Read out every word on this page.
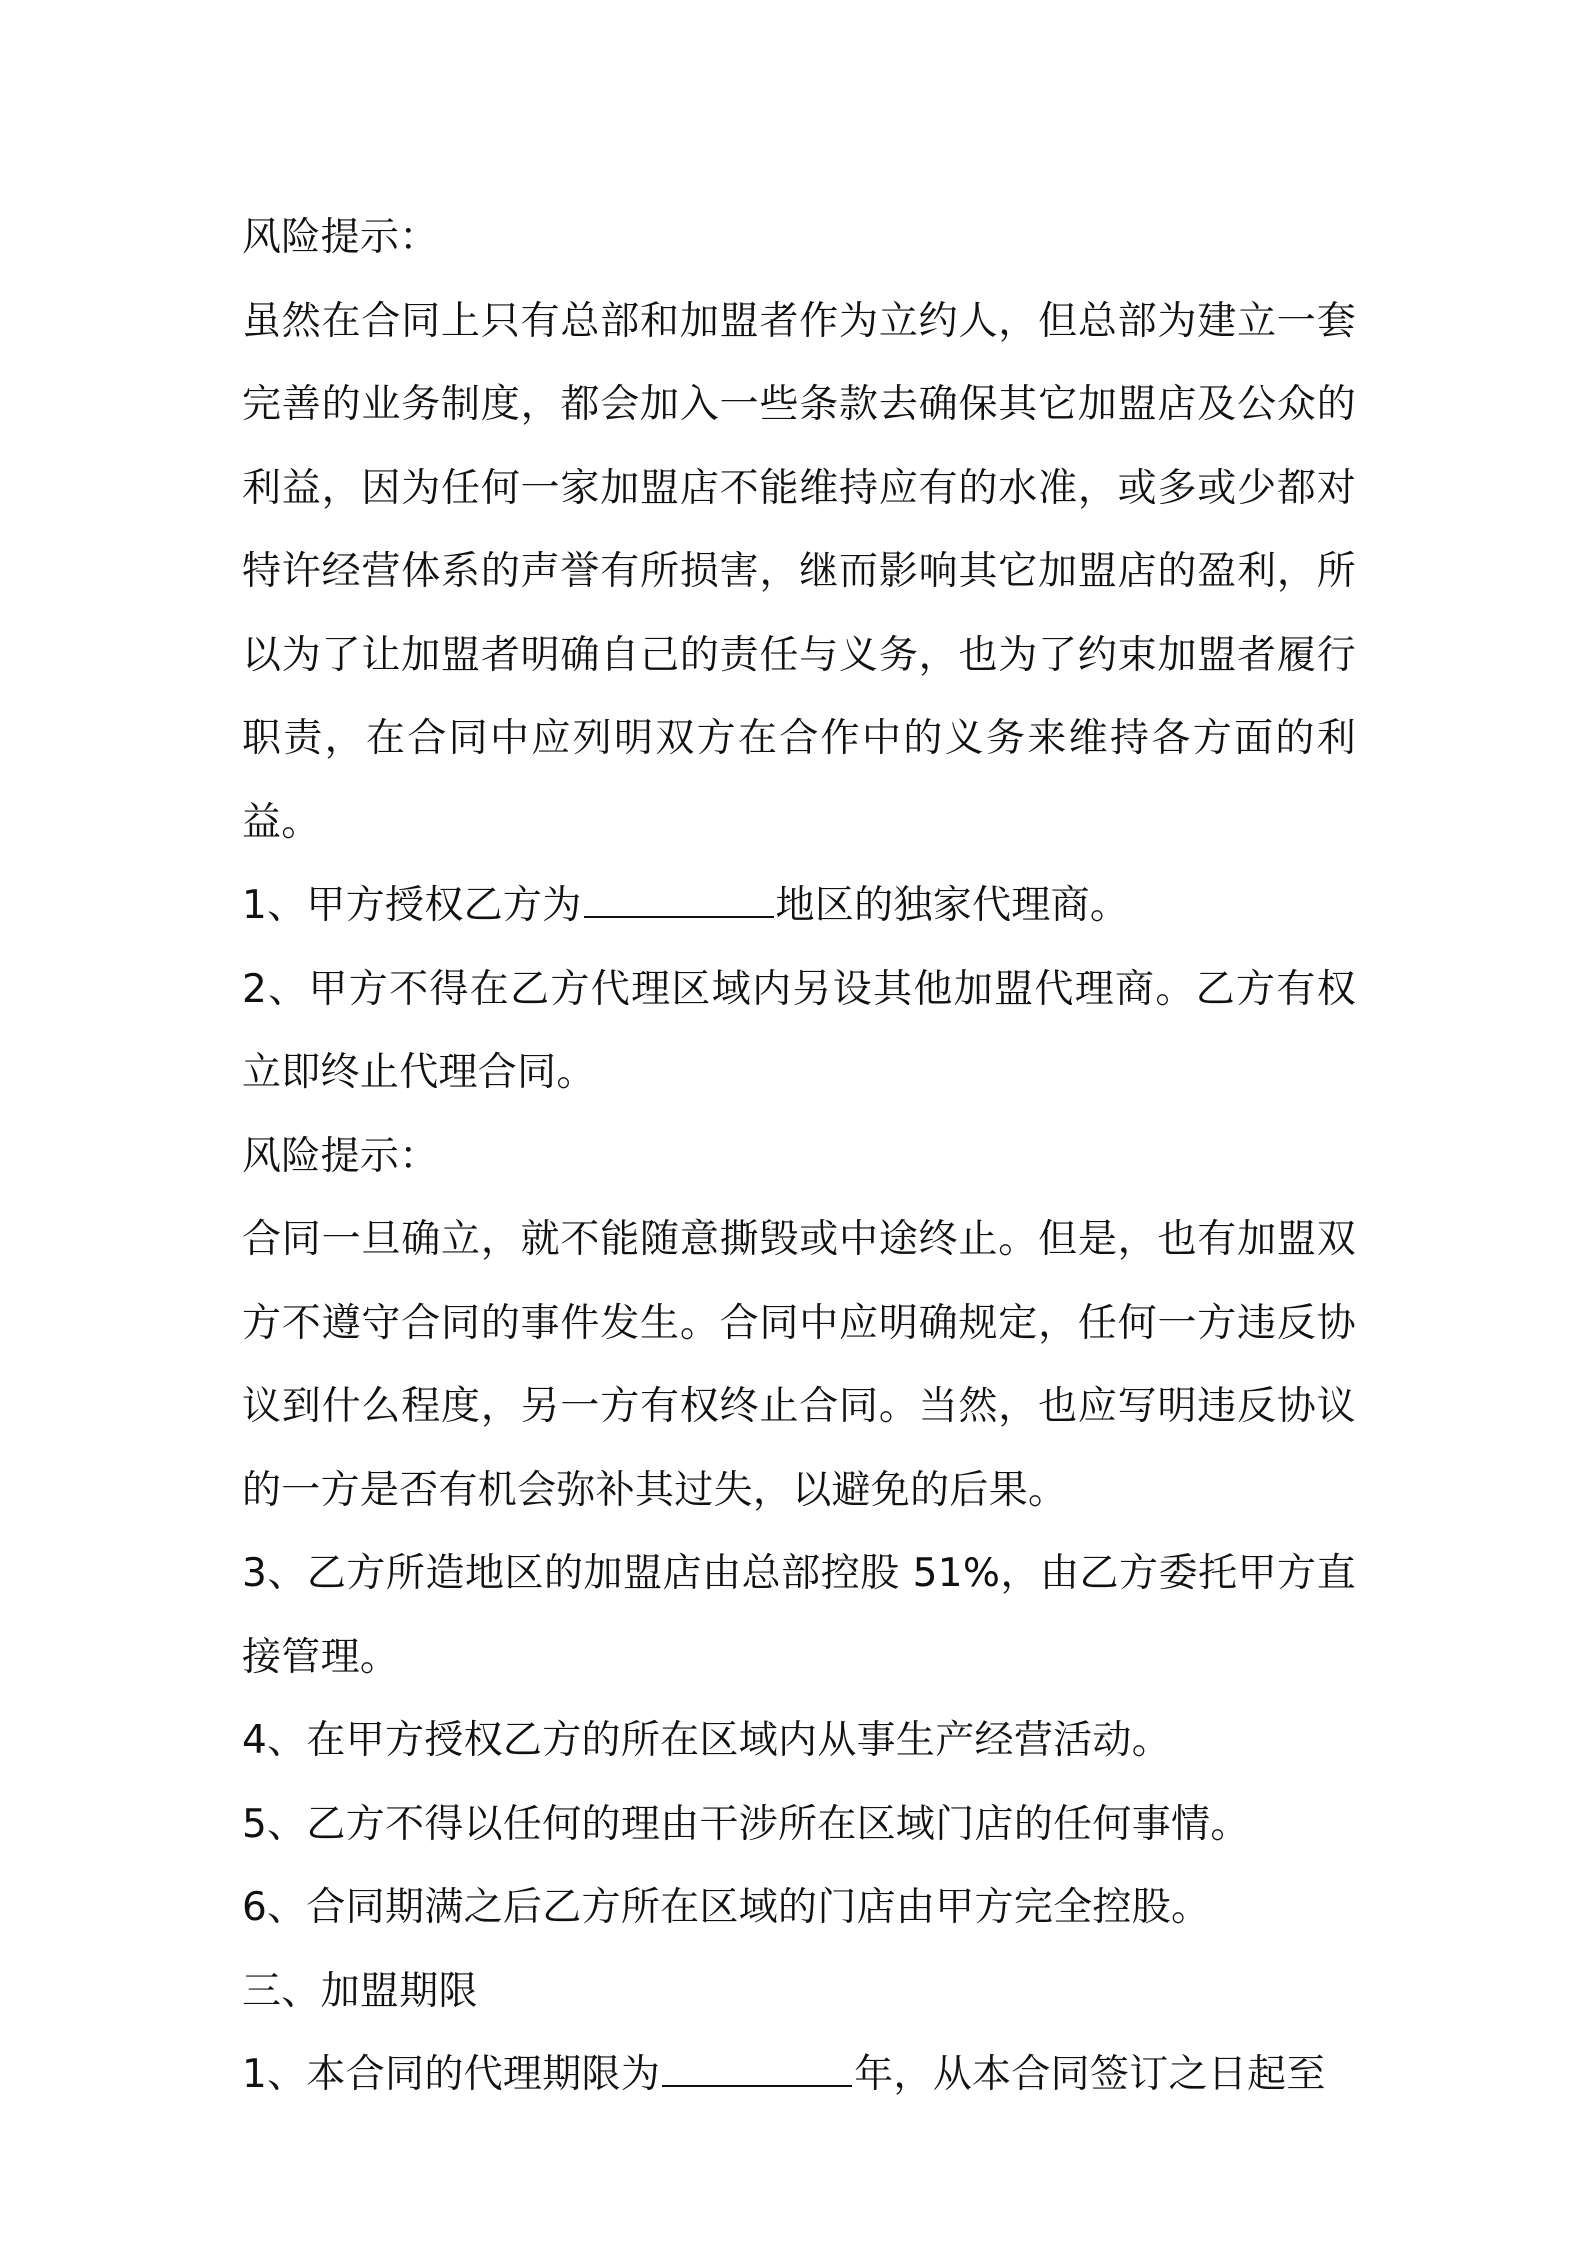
风险提示：

虽然在合同上只有总部和加盟者作为立约人，但总部为建立一套完善的业务制度，都会加入一些条款去确保其它加盟店及公众的利益，因为任何一家加盟店不能维持应有的水准，或多或少都对特许经营体系的声誉有所损害，继而影响其它加盟店的盈利，所以为了让加盟者明确自己的责任与义务，也为了约束加盟者履行职责，在合同中应列明双方在合作中的义务来维持各方面的利益。

1、甲方授权乙方为	地区的独家代理商。

2、甲方不得在乙方代理区域内另设其他加盟代理商。乙方有权立即终止代理合同。

风险提示：

合同一旦确立，就不能随意撕毁或中途终止。但是，也有加盟双方不遵守合同的事件发生。合同中应明确规定，任何一方违反协议到什么程度，另一方有权终止合同。当然，也应写明违反协议的一方是否有机会弥补其过失，以避免的后果。

3、乙方所造地区的加盟店由总部控股 51%，由乙方委托甲方直接管理。

4、在甲方授权乙方的所在区域内从事生产经营活动。

5、乙方不得以任何的理由干涉所在区域门店的任何事情。

6、合同期满之后乙方所在区域的门店由甲方完全控股。

三、加盟期限

1、本合同的代理期限为	年，从本合同签订之日起至
